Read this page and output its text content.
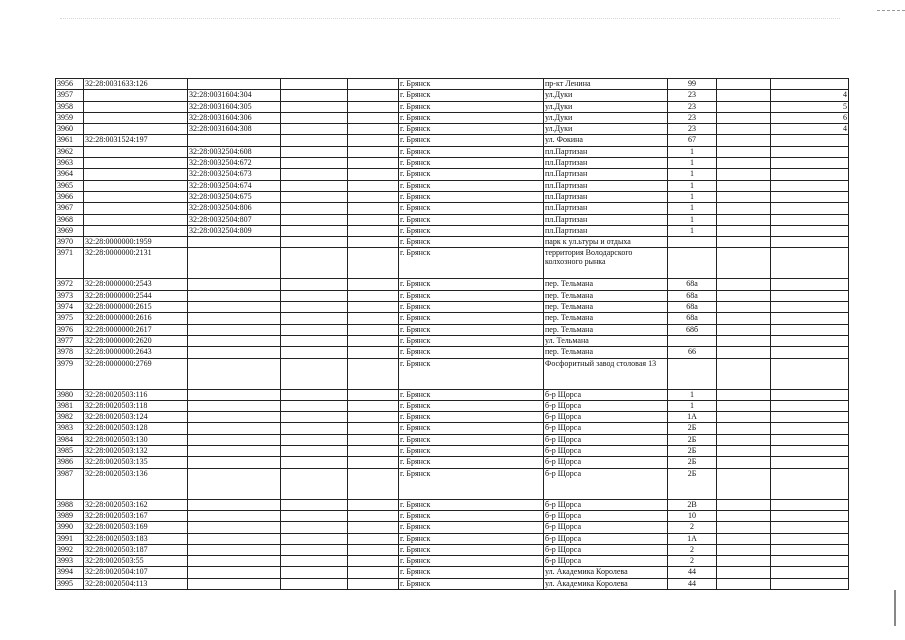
3956	32:28:0031633:126				г. Брянск	пр-кт Ленина	99		
3957		32:28:0031604:304			г. Брянск	ул.Дуки	23		4
3958		32:28:0031604:305			г. Брянск	ул.Дуки	23		5
3959		32:28:0031604:306			г. Брянск	ул.Дуки	23		6
3960		32:28:0031604:308			г. Брянск	ул.Дуки	23		4
3961	32:28:0031524:197				г. Брянск	ул. Фокина	67		
3962		32:28:0032504:608			г. Брянск	пл.Партизан	1		
3963		32:28:0032504:672			г. Брянск	пл.Партизан	1		
3964		32:28:0032504:673			г. Брянск	пл.Партизан	1		
3965		32:28:0032504:674			г. Брянск	пл.Партизан	1		
3966		32:28:0032504:675			г. Брянск	пл.Партизан	1		
3967		32:28:0032504:806			г. Брянск	пл.Партизан	1		
3968		32:28:0032504:807			г. Брянск	пл.Партизан	1		
3969		32:28:0032504:809			г. Брянск	пл.Партизан	1		
3970	32:28:0000000:1959				г. Брянск	парк к ул.ьтуры и отдыха			
3971	32:28:0000000:2131				г. Брянск	территория Володарского колхозного рынка			
3972	32:28:0000000:2543				г. Брянск	пер. Тельмана	68а		
3973	32:28:0000000:2544				г. Брянск	пер. Тельмана	68а		
3974	32:28:0000000:2615				г. Брянск	пер. Тельмана	68а		
3975	32:28:0000000:2616				г. Брянск	пер. Тельмана	68а		
3976	32:28:0000000:2617				г. Брянск	пер. Тельмана	68б		
3977	32:28:0000000:2620				г. Брянск	ул. Тельмана			
3978	32:28:0000000:2643				г. Брянск	пер. Тельмана	66		
3979	32:28:0000000:2769				г. Брянск	Фосфоритный завод столовая 13			
3980	32:28:0020503:116				г. Брянск	б-р Щорса	1		
3981	32:28:0020503:118				г. Брянск	б-р Щорса	1		
3982	32:28:0020503:124				г. Брянск	б-р Щорса	1А		
3983	32:28:0020503:128				г. Брянск	б-р Щорса	2Б		
3984	32:28:0020503:130				г. Брянск	б-р Щорса	2Б		
3985	32:28:0020503:132				г. Брянск	б-р Щорса	2Б		
3986	32:28:0020503:135				г. Брянск	б-р Щорса	2Б		
3987	32:28:0020503:136				г. Брянск	б-р Щорса	2Б		
3988	32:28:0020503:162				г. Брянск	б-р Щорса	2В		
3989	32:28:0020503:167				г. Брянск	б-р Щорса	10		
3990	32:28:0020503:169				г. Брянск	б-р Щорса	2		
3991	32:28:0020503:183				г. Брянск	б-р Щорса	1А		
3992	32:28:0020503:187				г. Брянск	б-р Щорса	2		
3993	32:28:0020503:55				г. Брянск	б-р Щорса	2		
3994	32:28:0020504:107				г. Брянск	ул. Академика Королева	44		
3995	32:28:0020504:113				г. Брянск	ул. Академика Королева	44		
